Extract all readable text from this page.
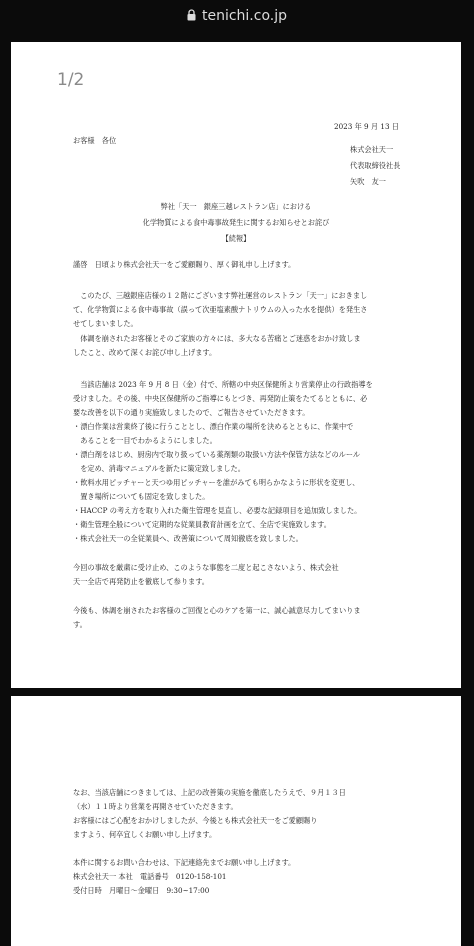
tenichi.co.jp
1/2
2023 年 9 月 13 日
お客様　各位
株式会社天一
代表取締役社長
矢吹　友一
弊社「天一　銀座三越レストラン店」における
化学物質による食中毒事故発生に関するお知らせとお詫び
【続報】
謹啓　日頃より株式会社天一をご愛顧賜り、厚く御礼申し上げます。
　このたび、三越銀座店様の１２階にございます弊社運営のレストラン「天一」におきまし
て、化学物質による食中毒事故（誤って次亜塩素酸ナトリウムの入った水を提供）を発生さ
せてしまいました。
　体調を崩されたお客様とそのご家族の方々には、多大なる苦痛とご迷惑をおかけ致しま
したこと、改めて深くお詫び申し上げます。
　当該店舗は 2023 年 9 月 8 日（金）付で、所轄の中央区保健所より営業停止の行政指導を
受けました。その後、中央区保健所のご指導にもとづき、再発防止策をたてるとともに、必
要な改善を以下の通り実施致しましたので、ご報告させていただきます。
・漂白作業は営業終了後に行うこととし、漂白作業の場所を決めるとともに、作業中で
　あることを一目でわかるようにしました。
・漂白剤をはじめ、厨房内で取り扱っている薬剤類の取扱い方法や保管方法などのルール
　を定め、消毒マニュアルを新たに策定致しました。
・飲料水用ピッチャーと天つゆ用ピッチャーを誰がみても明らかなように形状を変更し、
　置き場所についても固定を致しました。
・HACCP の考え方を取り入れた衛生管理を見直し、必要な記録項目を追加致しました。
・衛生管理全般について定期的な従業員教育計画を立て、全店で実施致します。
・株式会社天一の全従業員へ、改善策について周知徹底を致しました。
今回の事故を厳粛に受け止め、このような事態を二度と起こさないよう、株式会社
天一全店で再発防止を徹底して参ります。
今後も、体調を崩されたお客様のご回復と心のケアを第一に、誠心誠意尽力してまいりま
す。
なお、当該店舗につきましては、上記の改善策の実施を徹底したうえで、９月１３日
（水）１１時より営業を再開させていただきます。
お客様にはご心配をおかけしましたが、今後とも株式会社天一をご愛顧賜り
ますよう、何卒宜しくお願い申し上げます。
本件に関するお問い合わせは、下記連絡先までお願い申し上げます。
株式会社天一 本社　電話番号　0120-158-101
受付日時　月曜日～金曜日　9:30~17:00
